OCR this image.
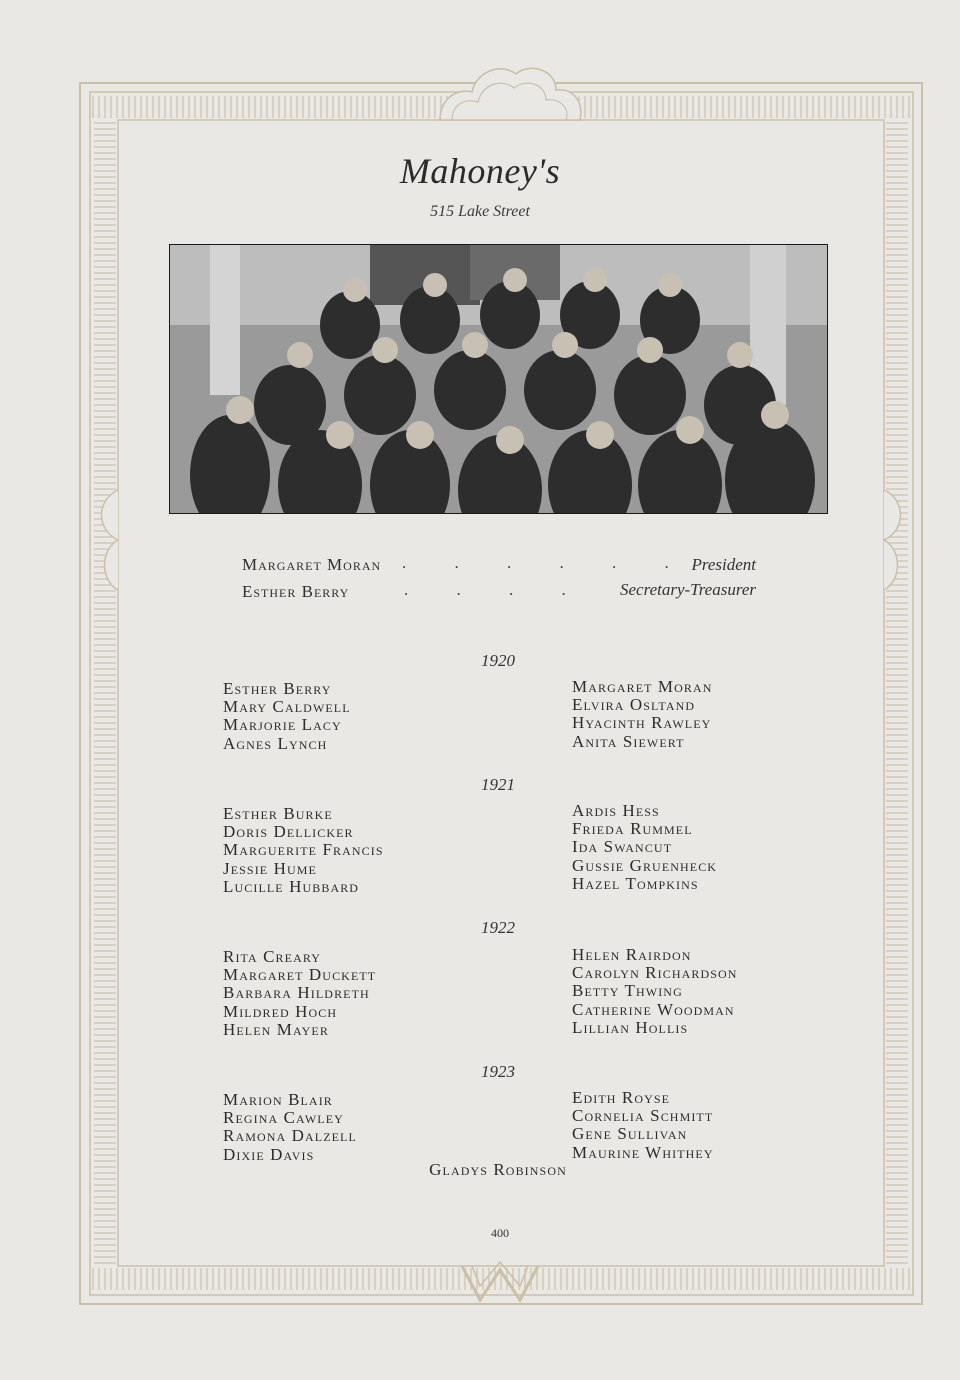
Mahoney's
515 Lake Street
Margaret Moran . . . . . . President
Esther Berry	. . . . Secretary-Treasurer
1920
Esther Berry
Mary Caldwell
Marjorie Lacy
Agnes Lynch
Margaret Moran
Elvira Osltand
Hyacinth Rawley
Anita Siewert
1921
Esther Burke
Doris Dellicker
Marguerite Francis
Jessie Hume
Lucille Hubbard
Ardis Hess
Frieda Rummel
Ida Swancut
Gussie Gruenheck
Hazel Tompkins
1922
Rita Creary
Margaret Duckett
Barbara Hildreth
Mildred Hoch
Helen Mayer
Helen Rairdon
Carolyn Richardson
Betty Thwing
Catherine Woodman
Lillian Hollis
1923
Marion Blair
Regina Cawley
Ramona Dalzell
Dixie Davis
Edith Royse
Cornelia Schmitt
Gene Sullivan
Maurine Whithey
Gladys Robinson
400
